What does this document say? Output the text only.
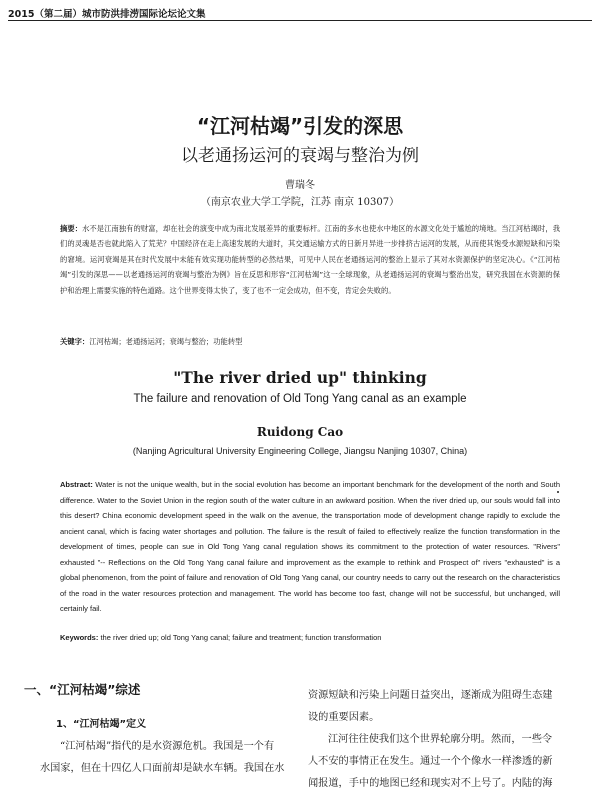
2015（第二届）城市防洪排涝国际论坛论文集
“江河枯竭”引发的深思
以老通扬运河的衰竭与整治为例
曹瑞冬
（南京农业大学工学院，江苏 南京 10307）
摘要：水不是江南独有的财富，却在社会的演变中成为南北发展差异的重要标杆。江南的多水也使水中地区的水源文化处于尴尬的境地。当江河枯竭时，我们的灵魂是否也就此陷入了荒芜？中国经济在走上高速发展的大道时，其交通运输方式的日新月异进一步排挤古运河的发展，从而使其饱受水源短缺和污染的窘境。运河衰竭是其在时代发展中未能有效实现功能转型的必然结果，可见中人民在老通扬运河的整治上显示了其对水资源保护的坚定决心。《“江河枯竭”引发的深思——以老通扬运河的衰竭与整治为例》旨在反思和形容“江河枯竭”这一全球现象，从老通扬运河的衰竭与整治出发，研究我国在水资源的保护和治理上需要实施的特色道路。这个世界变得太快了，变了也不一定会成功，但不变，肯定会失败的。
关键字：江河枯竭；老通扬运河；衰竭与整治；功能转型
"The river dried up" thinking
The failure and renovation of Old Tong Yang canal as an example
Ruidong Cao
(Nanjing Agricultural University Engineering College, Jiangsu Nanjing 10307, China)
Abstract: Water is not the unique wealth, but in the social evolution has become an important benchmark for the development of the north and South difference. Water to the Soviet Union in the region south of the water culture in an awkward position. When the river dried up, our souls would fall into this desert? China economic development speed in the walk on the avenue, the transportation mode of development change rapidly to exclude the ancient canal, which is facing water shortages and pollution. The failure is the result of failed to effectively realize the function transformation in the development of times, people can sue in Old Tong Yang canal regulation shows its commitment to the protection of water resources. "Rivers" exhausted "-- Reflections on the Old Tong Yang canal failure and improvement as the example to rethink and Prospect of" rivers "exhausted" is a global phenomenon, from the point of failure and renovation of Old Tong Yang canal, our country needs to carry out the research on the characteristics of the road in the water resources protection and management. The world has become too fast, change will not be successful, but unchanged, will certainly fail.
Keywords: the river dried up; old Tong Yang canal; failure and treatment; function transformation
一、“江河枯竭”综述
1、“江河枯竭”定义
“江河枯竭”指代的是水资源危机。我国是一个有
水国家，但在十四亿人口面前却是缺水车辆。我国在水
资源短缺和污染上问题日益突出，逐渐成为阻碍生态建
设的重要因素。
江河往往使我们这个世界轮廓分明。然而，一些令
人不安的事情正在发生。通过一个个像水一样渗透的新
闻报道，手中的地图已经和现实对不上号了。内陆的海
